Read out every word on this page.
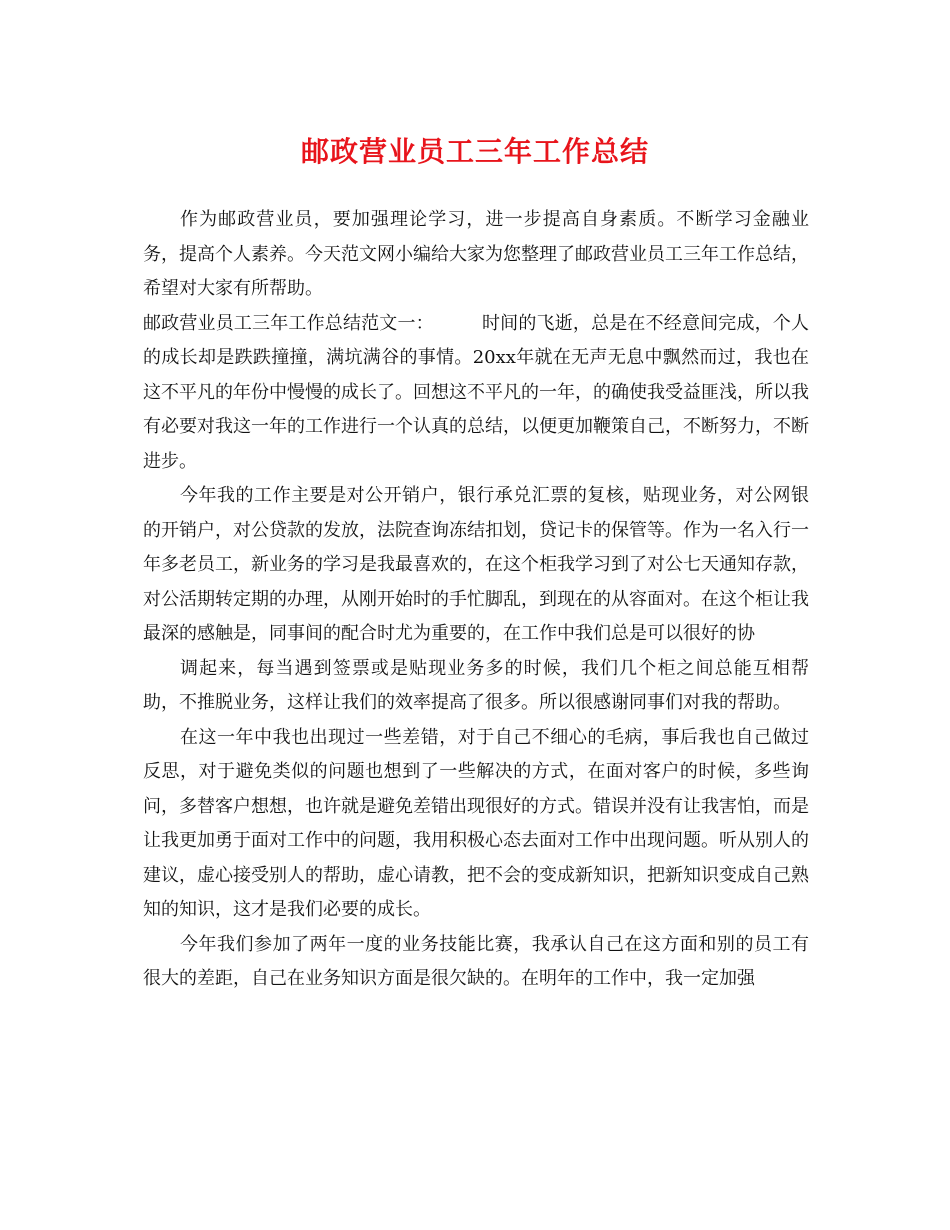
邮政营业员工三年工作总结

作为邮政营业员，要加强理论学习，进一步提高自身素质。不断学习金融业务，提高个人素养。今天范文网小编给大家为您整理了邮政营业员工三年工作总结，希望对大家有所帮助。

邮政营业员工三年工作总结范文一：	时间的飞逝，总是在不经意间完成，个人的成长却是跌跌撞撞，满坑满谷的事情。20xx年就在无声无息中飘然而过，我也在这不平凡的年份中慢慢的成长了。回想这不平凡的一年，的确使我受益匪浅，所以我有必要对我这一年的工作进行一个认真的总结，以便更加鞭策自己，不断努力，不断进步。

今年我的工作主要是对公开销户，银行承兑汇票的复核，贴现业务，对公网银的开销户，对公贷款的发放，法院查询冻结扣划，贷记卡的保管等。作为一名入行一年多老员工，新业务的学习是我最喜欢的，在这个柜我学习到了对公七天通知存款，对公活期转定期的办理，从刚开始时的手忙脚乱，到现在的从容面对。在这个柜让我最深的感触是，同事间的配合时尤为重要的，在工作中我们总是可以很好的协

调起来，每当遇到签票或是贴现业务多的时候，我们几个柜之间总能互相帮助，不推脱业务，这样让我们的效率提高了很多。所以很感谢同事们对我的帮助。

在这一年中我也出现过一些差错，对于自己不细心的毛病，事后我也自己做过反思，对于避免类似的问题也想到了一些解决的方式，在面对客户的时候，多些询问，多替客户想想，也许就是避免差错出现很好的方式。错误并没有让我害怕，而是让我更加勇于面对工作中的问题，我用积极心态去面对工作中出现问题。听从别人的建议，虚心接受别人的帮助，虚心请教，把不会的变成新知识，把新知识变成自己熟知的知识，这才是我们必要的成长。

今年我们参加了两年一度的业务技能比赛，我承认自己在这方面和别的员工有很大的差距，自己在业务知识方面是很欠缺的。在明年的工作中，我一定加强
